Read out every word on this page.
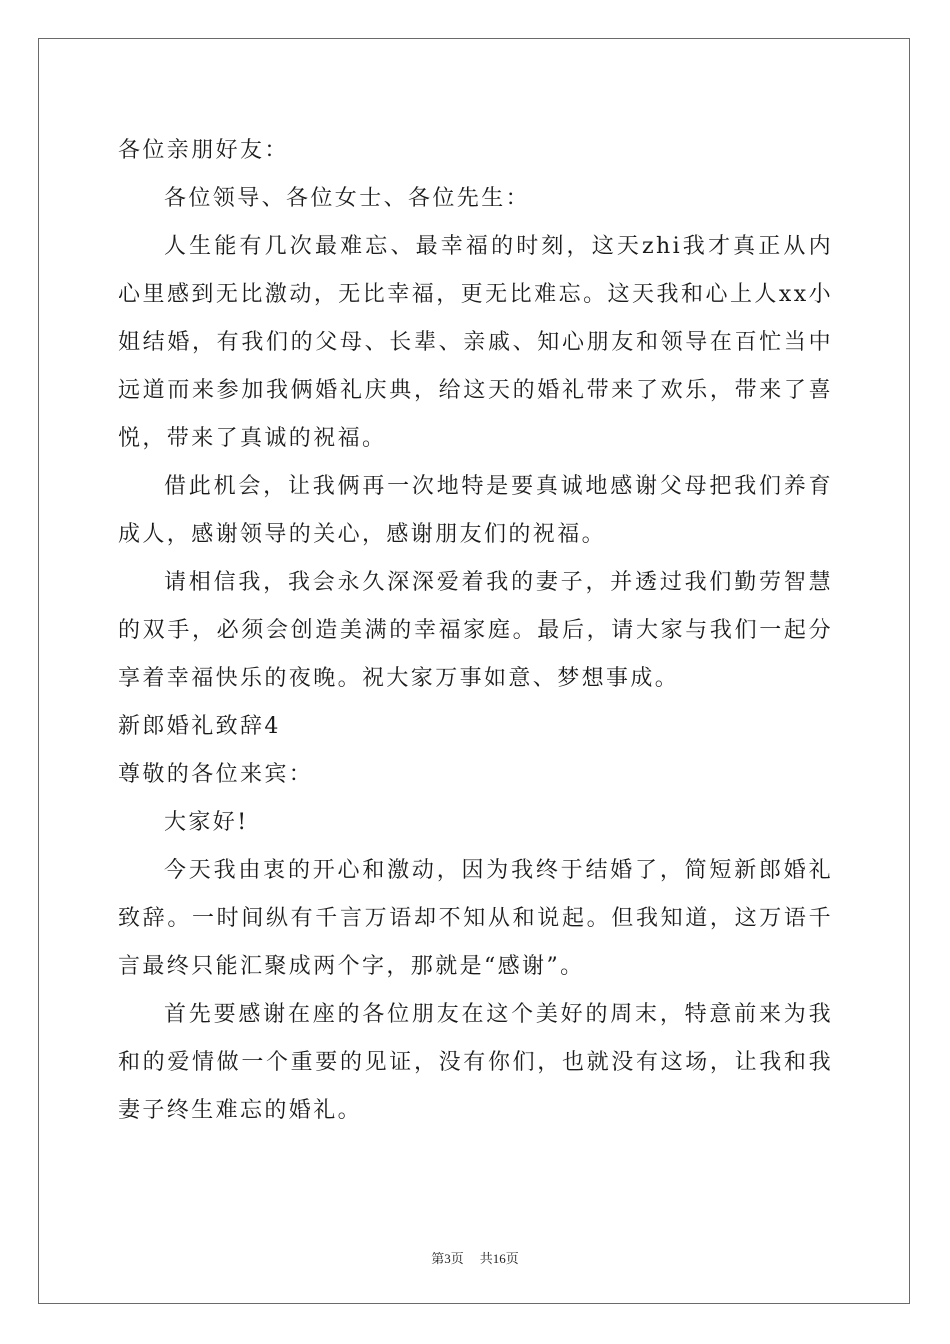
各位亲朋好友：
各位领导、各位女士、各位先生：

人生能有几次最难忘、最幸福的时刻，这天zhi我才真正从内心里感到无比激动，无比幸福，更无比难忘。这天我和心上人xx小姐结婚，有我们的父母、长辈、亲戚、知心朋友和领导在百忙当中远道而来参加我俩婚礼庆典，给这天的婚礼带来了欢乐，带来了喜悦，带来了真诚的祝福。

借此机会，让我俩再一次地特是要真诚地感谢父母把我们养育成人，感谢领导的关心，感谢朋友们的祝福。

请相信我，我会永久深深爱着我的妻子，并透过我们勤劳智慧的双手，必须会创造美满的幸福家庭。最后，请大家与我们一起分享着幸福快乐的夜晚。祝大家万事如意、梦想事成。

新郎婚礼致辞4
尊敬的各位来宾：
大家好!

今天我由衷的开心和激动，因为我终于结婚了，简短新郎婚礼致辞。一时间纵有千言万语却不知从和说起。但我知道，这万语千言最终只能汇聚成两个字，那就是“感谢”。

首先要感谢在座的各位朋友在这个美好的周末，特意前来为我和的爱情做一个重要的见证，没有你们，也就没有这场，让我和我妻子终生难忘的婚礼。

第3页 共16页
